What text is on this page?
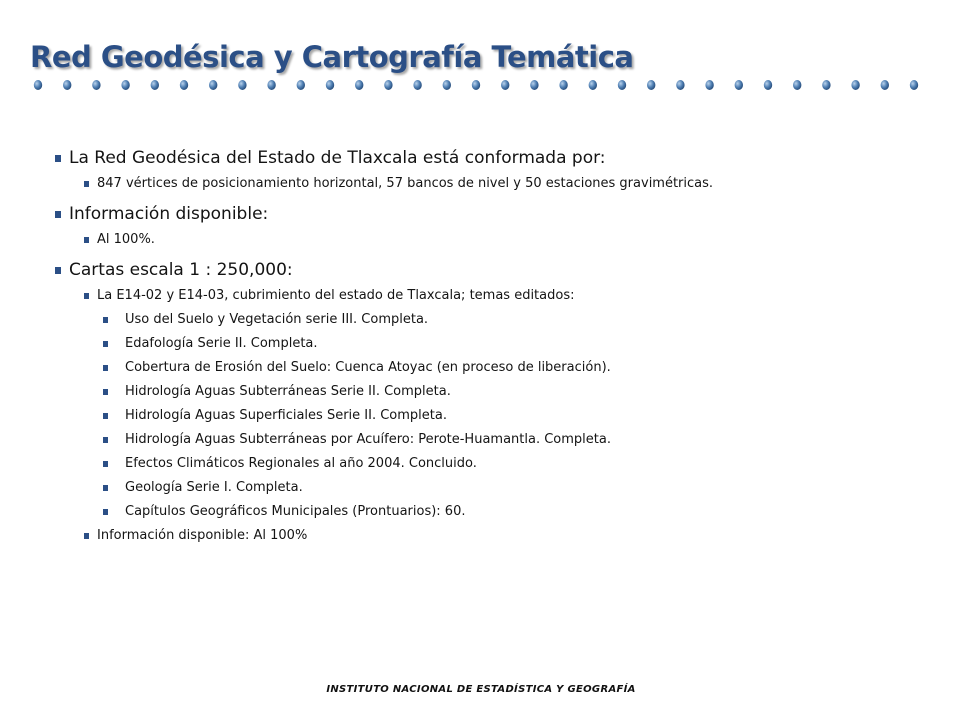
Red Geodésica y Cartografía Temática
La Red Geodésica del Estado de Tlaxcala está conformada por:
847 vértices de posicionamiento horizontal, 57 bancos de nivel y 50 estaciones gravimétricas.
Información disponible:
Al 100%.
Cartas escala 1 : 250,000:
La E14-02 y E14-03, cubrimiento del estado de Tlaxcala; temas editados:
Uso del Suelo y Vegetación serie III. Completa.
Edafología Serie II. Completa.
Cobertura de Erosión del Suelo: Cuenca Atoyac (en proceso de liberación).
Hidrología Aguas Subterráneas Serie II. Completa.
Hidrología Aguas Superficiales Serie II. Completa.
Hidrología Aguas Subterráneas por Acuífero: Perote-Huamantla. Completa.
Efectos Climáticos Regionales al año 2004. Concluido.
Geología Serie I. Completa.
Capítulos Geográficos Municipales (Prontuarios): 60.
Información disponible: Al 100%
INSTITUTO NACIONAL DE ESTADÍSTICA Y GEOGRAFÍA
